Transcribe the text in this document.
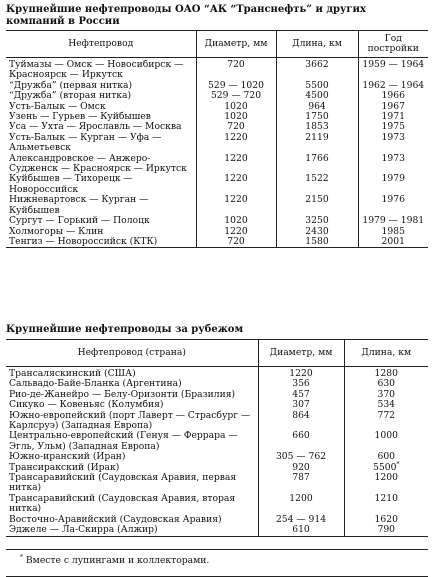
Крупнейшие нефтепроводы ОАО “АК “Транснефть” и других компаний в России
Нефтепровод	Диаметр, мм	Длина, км	Год постройки
Туймазы — Омск — Новосибирск — Красноярск — Иркутск	720	3662	1959 — 1964
“Дружба” (первая нитка)	529 — 1020	5500	1962 — 1964
“Дружба” (вторая нитка)	529 — 720	4500	1966
Усть-Балык — Омск	1020	964	1967
Узень — Гурьев — Куйбышев	1020	1750	1971
Уса — Ухта — Ярославль — Москва	720	1853	1975
Усть-Балык — Курган — Уфа — Альметьевск	1220	2119	1973
Александровское — Анжеро-Судженск — Красноярск — Иркутск	1220	1766	1973
Куйбышев — Тихорецк — Новороссийск	1220	1522	1979
Нижневартовск — Курган — Куйбышев	1220	2150	1976
Сургут — Горький — Полоцк	1020	3250	1979 — 1981
Холмогоры — Клин	1220	2430	1985
Тенгиз — Новороссийск (КТК)	720	1580	2001
Крупнейшие нефтепроводы за рубежом
Нефтепровод (страна)	Диаметр, мм	Длина, км
Трансаляскинский (США)	1220	1280
Сальвадо-Байе-Бланка (Аргентина)	356	630
Рио-де-Жанейро — Белу-Оризонти (Бразилия)	457	370
Сикуко — Ковеньяс (Колумбия)	307	534
Южно-европейский (порт Лаверт — Страсбург — Карлсруэ) (Западная Европа)	864	772
Центрально-европейский (Генуя — Феррара — Эгль, Ульм) (Западная Европа)	660	1000
Южно-иранский (Иран)	305 — 762	600
Трансиракский (Ирак)	920	5500*
Трансаравийский (Саудовская Аравия, первая нитка)	787	1200
Трансаравийский (Саудовская Аравия, вторая нитка)	1200	1210
Восточно-Аравийский (Саудовская Аравия)	254 — 914	1620
Эджеле — Ла-Скирра (Алжир)	610	790
* Вместе с лупингами и коллекторами.
